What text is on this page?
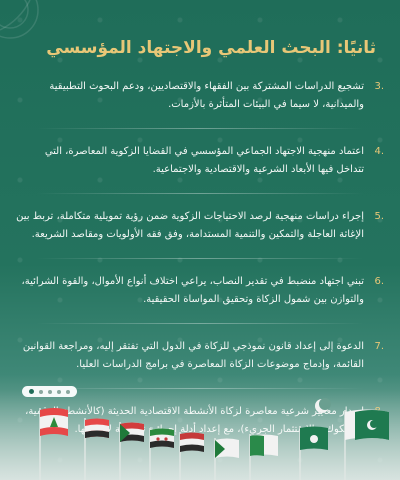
ثانيًا: البحث العلمي والاجتهاد المؤسسي
3.
تشجيع الدراسات المشتركة بين الفقهاء والاقتصاديين، ودعم البحوث التطبيقية والميدانية، لا سيما في البيئات المتأثرة بالأزمات.
4.
اعتماد منهجية الاجتهاد الجماعي المؤسسي في القضايا الزكوية المعاصرة، التي تتداخل فيها الأبعاد الشرعية والاقتصادية والاجتماعية.
5.
إجراء دراسات منهجية لرصد الاحتياجات الزكوية ضمن رؤية تمويلية متكاملة، تربط بين الإغاثة العاجلة والتمكين والتنمية المستدامة، وفق فقه الأولويات ومقاصد الشريعة.
6.
تبني اجتهاد منضبط في تقدير النصاب، يراعي اختلاف أنواع الأموال، والقوة الشرائية، والتوازن بين شمول الزكاة وتحقيق المواساة الحقيقية.
7.
الدعوة إلى إعداد قانون نموذجي للزكاة في الدول التي تفتقر إليه، ومراجعة القوانين القائمة، وإدماج موضوعات الزكاة المعاصرة في برامج الدراسات العليا.
